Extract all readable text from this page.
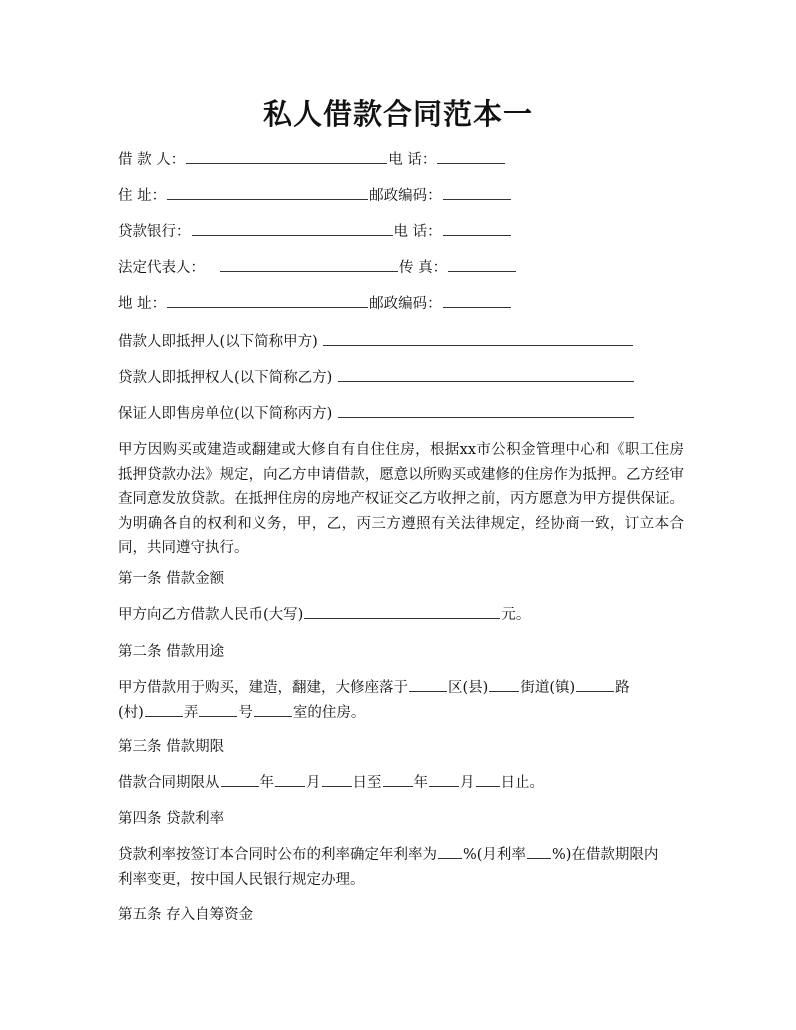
私人借款合同范本一
借 款 人：	电 话：
住 址：	邮政编码：
贷款银行：	电 话：
法定代表人：	传 真：
地 址：	邮政编码：
借款人即抵押人(以下简称甲方)
贷款人即抵押权人(以下简称乙方)
保证人即售房单位(以下简称丙方)
甲方因购买或建造或翻建或大修自有自住住房，根据xx市公积金管理中心和《职工住房抵押贷款办法》规定，向乙方申请借款，愿意以所购买或建修的住房作为抵押。乙方经审查同意发放贷款。在抵押住房的房地产权证交乙方收押之前，丙方愿意为甲方提供保证。为明确各自的权利和义务，甲，乙，丙三方遵照有关法律规定，经协商一致，订立本合同，共同遵守执行。
第一条 借款金额
甲方向乙方借款人民币(大写)	元。
第二条 借款用途
甲方借款用于购买，建造，翻建，大修座落于	区(县) 街道(镇)	路
(村)	弄	号	室的住房。
第三条 借款期限
借款合同期限从	年 月 日至 年 月 日止。
第四条 贷款利率
贷款利率按签订本合同时公布的利率确定年利率为 %(月利率 %)在借款期限内
利率变更，按中国人民银行规定办理。
第五条 存入自筹资金
